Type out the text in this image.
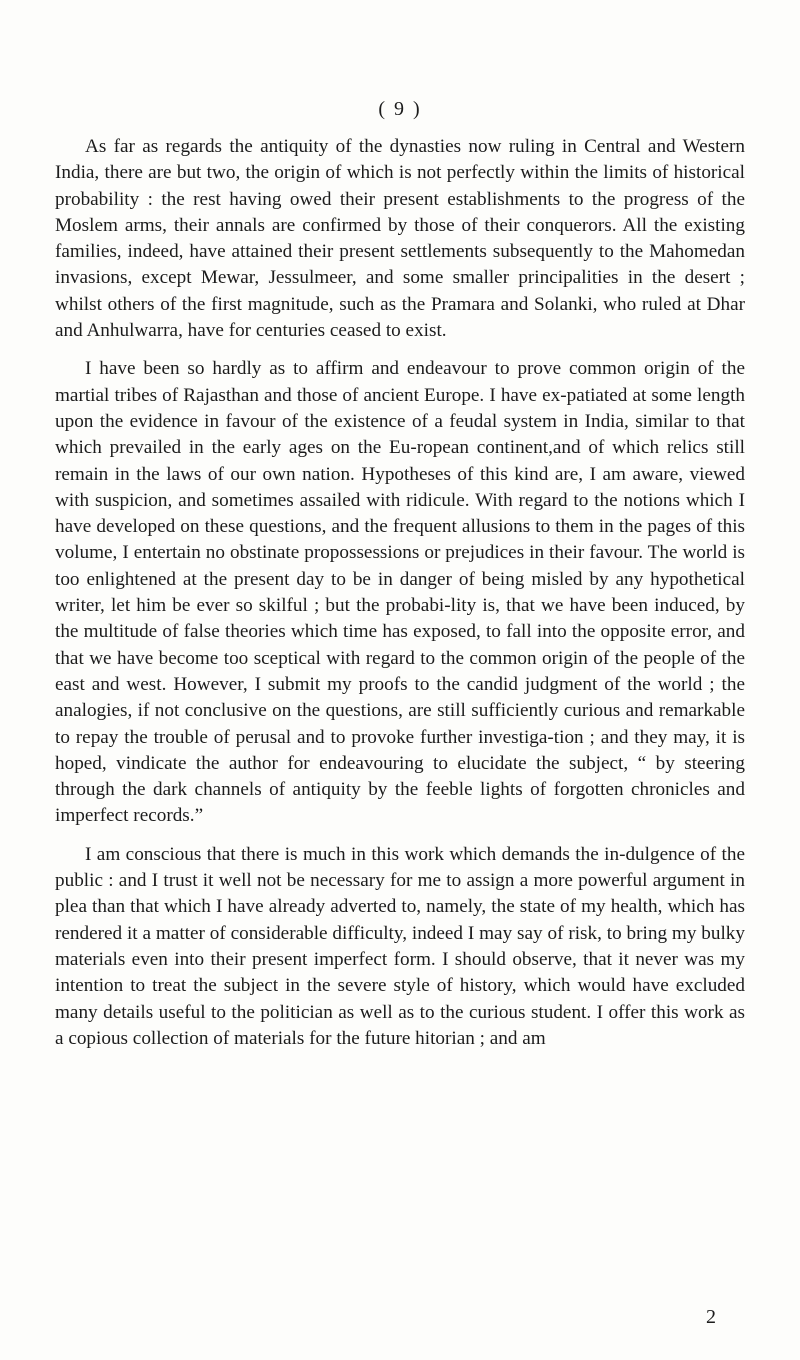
( 9 )

As far as regards the antiquity of the dynasties now ruling in Central and Western India, there are but two, the origin of which is not perfectly within the limits of historical probability : the rest having owed their present establishments to the progress of the Moslem arms, their annals are confirmed by those of their conquerors. All the existing families, indeed, have attained their present settlements subsequently to the Mahomedan invasions, except Mewar, Jessulmeer, and some smaller principalities in the desert ; whilst others of the first magnitude, such as the Pramara and Solanki, who ruled at Dhar and Anhulwarra, have for centuries ceased to exist.

I have been so hardly as to affirm and endeavour to prove common origin of the martial tribes of Rajasthan and those of ancient Europe. I have ex-patiated at some length upon the evidence in favour of the existence of a feudal system in India, similar to that which prevailed in the early ages on the Eu-ropean continent,and of which relics still remain in the laws of our own nation. Hypotheses of this kind are, I am aware, viewed with suspicion, and sometimes assailed with ridicule. With regard to the notions which I have developed on these questions, and the frequent allusions to them in the pages of this volume, I entertain no obstinate propossessions or prejudices in their favour. The world is too enlightened at the present day to be in danger of being misled by any hypothetical writer, let him be ever so skilful ; but the probabi-lity is, that we have been induced, by the multitude of false theories which time has exposed, to fall into the opposite error, and that we have become too sceptical with regard to the common origin of the people of the east and west. However, I submit my proofs to the candid judgment of the world ; the analogies, if not conclusive on the questions, are still sufficiently curious and remarkable to repay the trouble of perusal and to provoke further investiga-tion ; and they may, it is hoped, vindicate the author for endeavouring to elucidate the subject, “ by steering through the dark channels of antiquity by the feeble lights of forgotten chronicles and imperfect records.”

I am conscious that there is much in this work which demands the in-dulgence of the public : and I trust it well not be necessary for me to assign a more powerful argument in plea than that which I have already adverted to, namely, the state of my health, which has rendered it a matter of considerable difficulty, indeed I may say of risk, to bring my bulky materials even into their present imperfect form. I should observe, that it never was my intention to treat the subject in the severe style of history, which would have excluded many details useful to the politician as well as to the curious student. I offer this work as a copious collection of materials for the future hitorian ; and am

2
